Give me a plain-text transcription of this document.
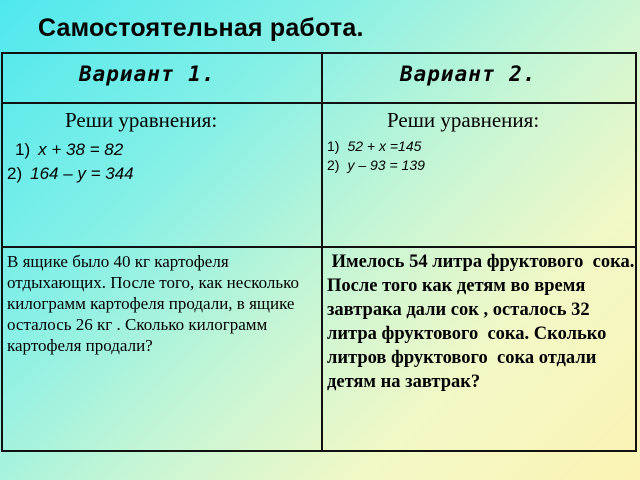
Самостоятельная работа.
Вариант 1.	Вариант 2.
Реши уравнения:	Реши уравнения:
1) x + 38 = 82
2) 164 – y = 344
1) 52 + x =145
2) y – 93 = 139
В ящике было 40 кг картофеля отдыхающих. После того, как несколько килограмм картофеля продали, в ящике осталось 26 кг . Сколько килограмм картофеля продали?
Имелось 54 литра фруктового  сока. После того как детям во время завтрака дали сок , осталось 32 литра фруктового  сока. Сколько литров фруктового  сока отдали детям на завтрак?
